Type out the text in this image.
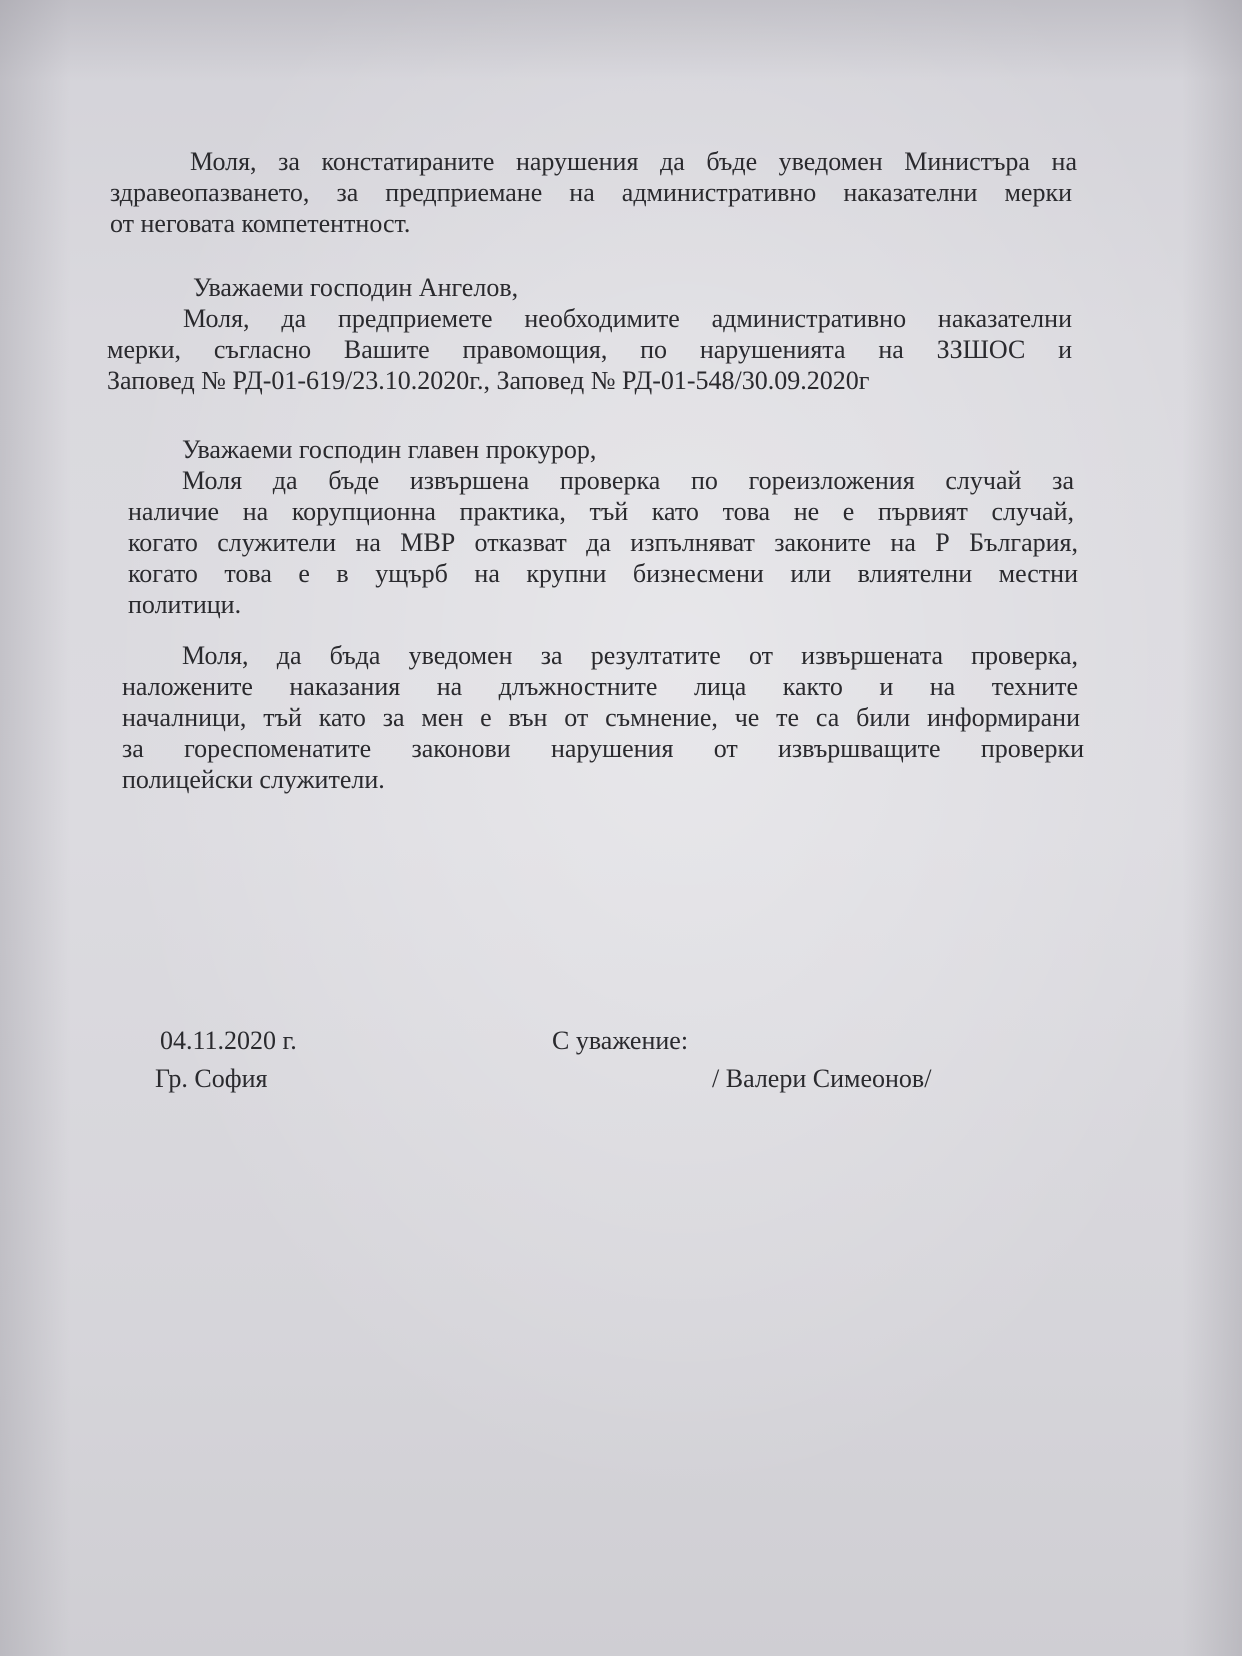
Моля, за констатираните нарушения да бъде уведомен Министъра на
здравеопазването, за предприемане на административно наказателни мерки
от неговата компетентност.
Уважаеми господин Ангелов,
Моля, да предприемете необходимите административно наказателни
мерки, съгласно Вашите правомощия, по нарушенията на ЗЗШОС и
Заповед № РД-01-619/23.10.2020г., Заповед № РД-01-548/30.09.2020г
Уважаеми господин главен прокурор,
Моля да бъде извършена проверка по гореизложения случай за
наличие на корупционна практика, тъй като това не е първият случай,
когато служители на МВР отказват да изпълняват законите на Р България,
когато това е в ущърб на крупни бизнесмени или влиятелни местни
политици.
Моля, да бъда уведомен за резултатите от извършената проверка,
наложените наказания на длъжностните лица както и на техните
началници, тъй като за мен е вън от съмнение, че те са били информирани
за гореспоменатите законови нарушения от извършващите проверки
полицейски служители.
04.11.2020 г.
Гр. София
С уважение:
/ Валери Симеонов/
